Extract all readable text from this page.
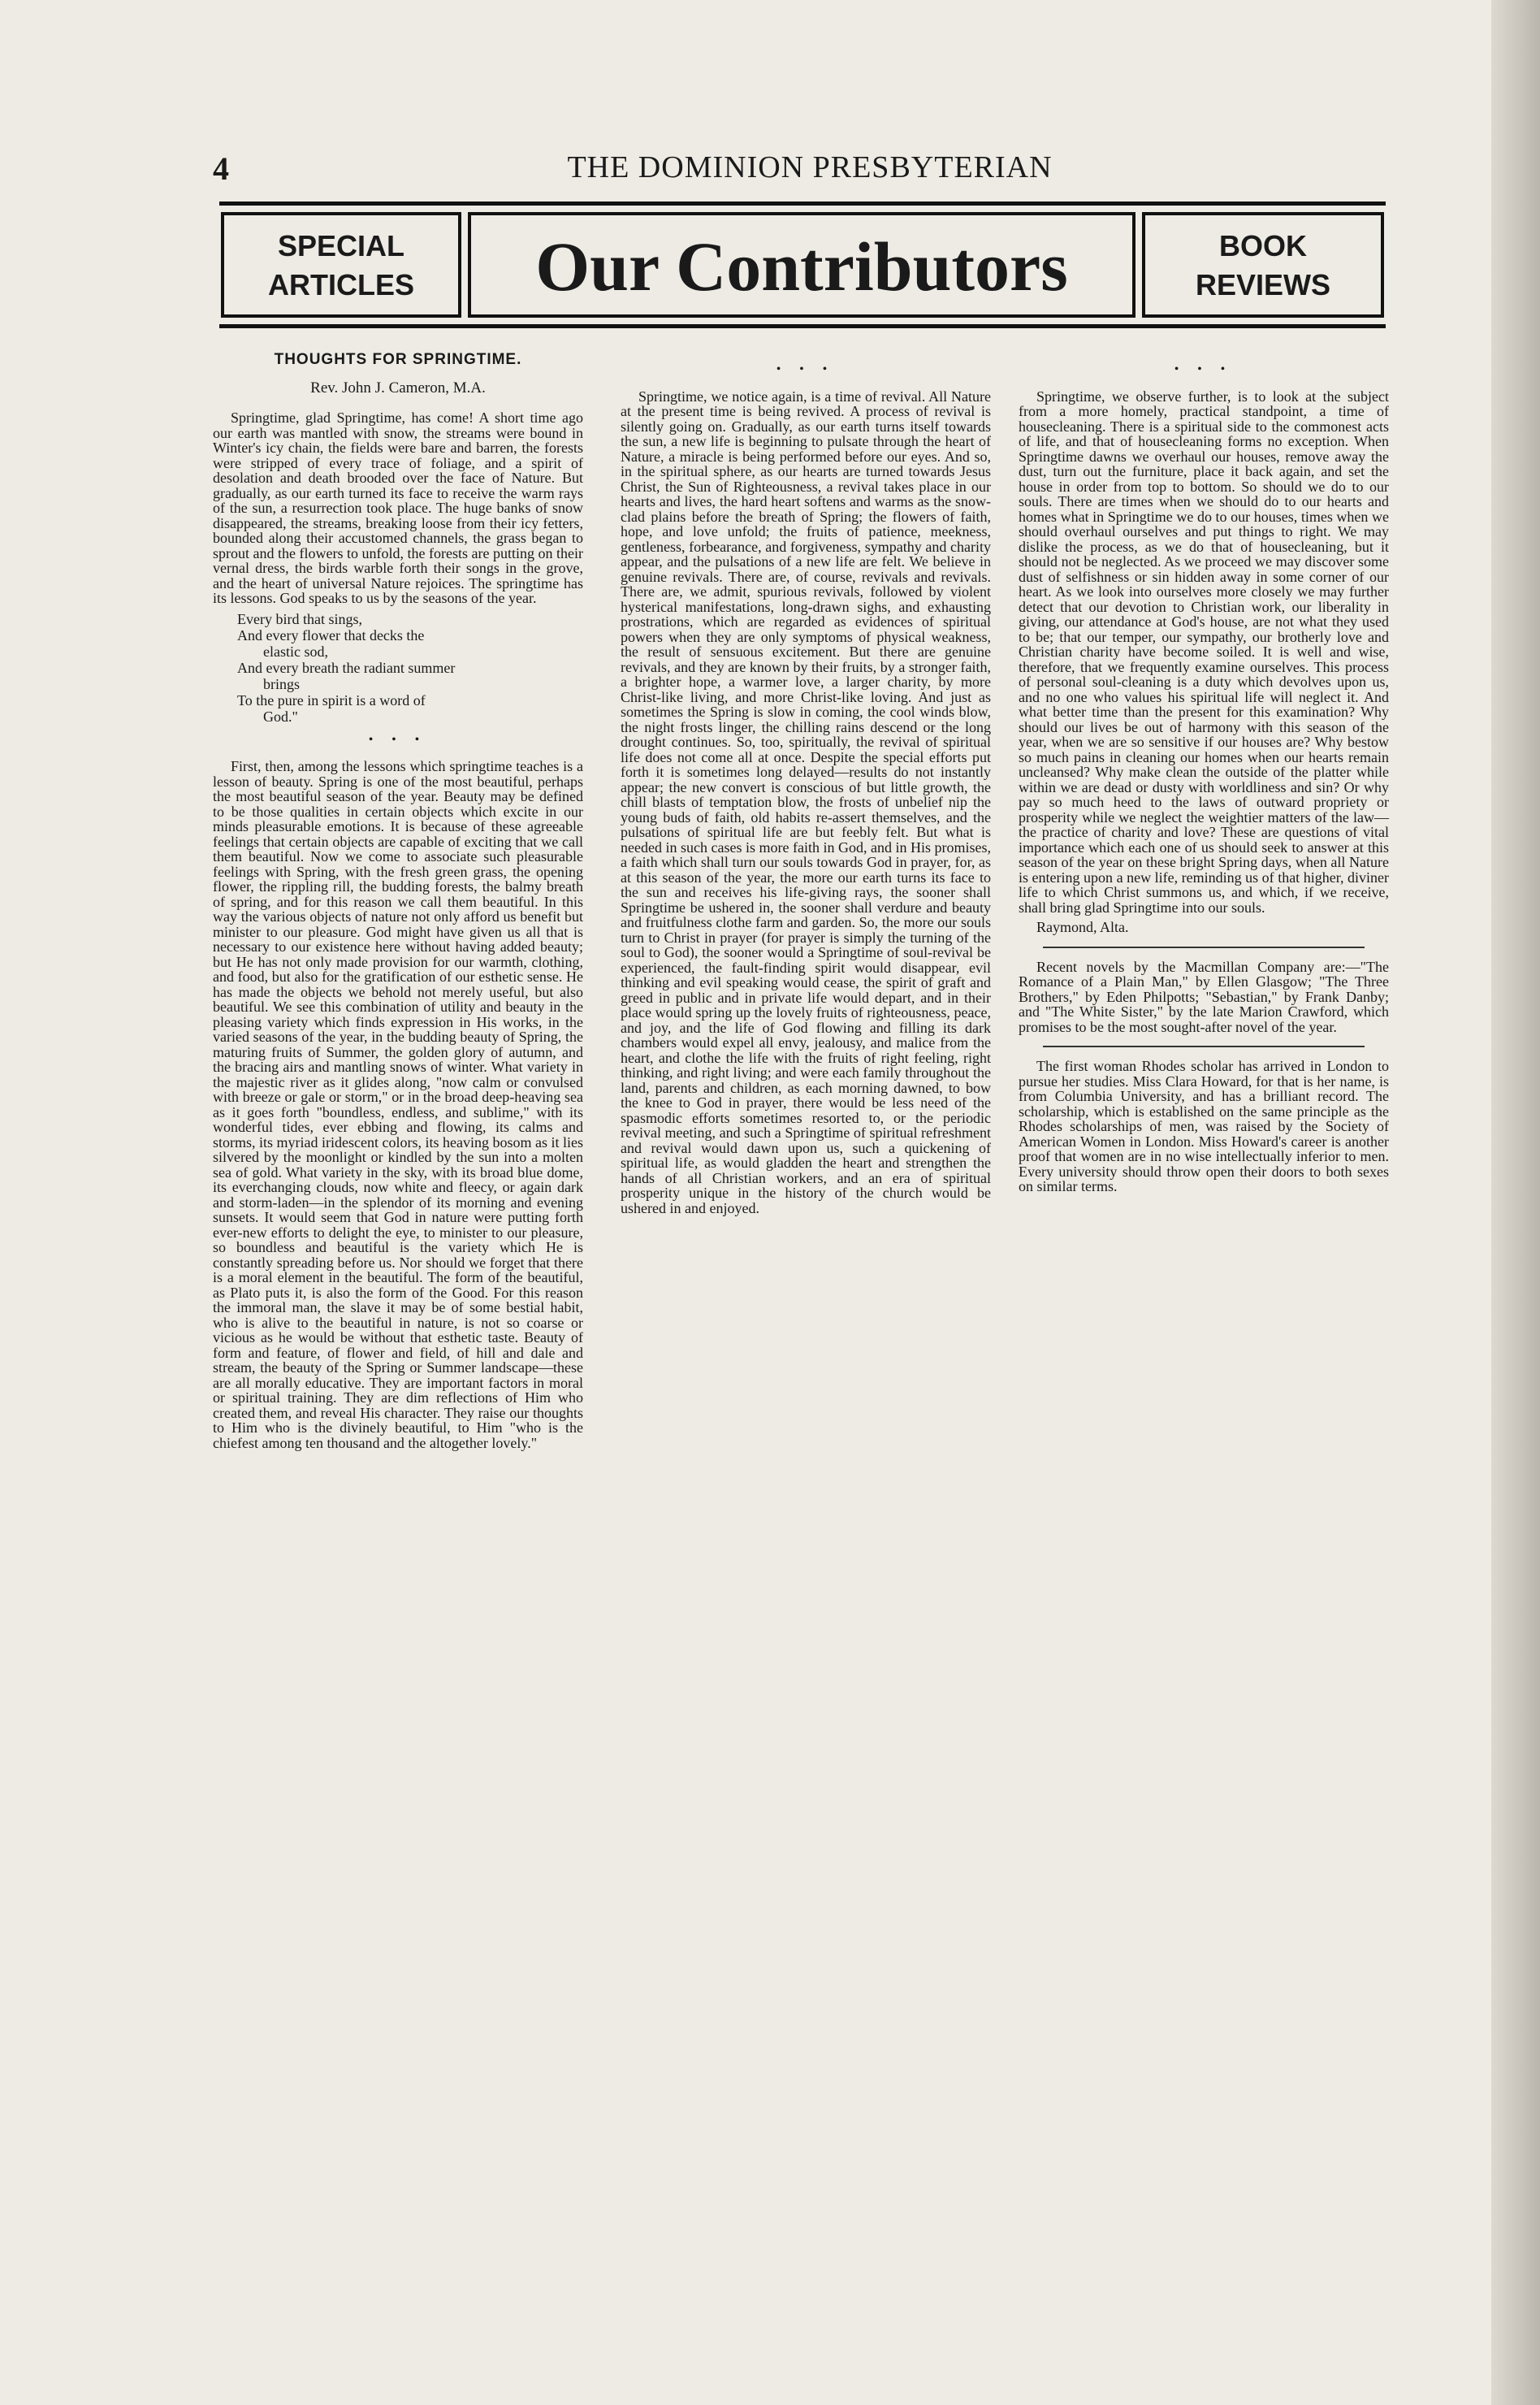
4	THE DOMINION PRESBYTERIAN
SPECIAL
ARTICLES	Our Contributors	BOOK
REVIEWS
THOUGHTS FOR SPRINGTIME.
Rev. John J. Cameron, M.A.

Springtime, glad Springtime, has come! A short time ago our earth was mantled with snow, the streams were bound in Winter's icy chain, the fields were bare and barren, the forests were stripped of every trace of foliage, and a spirit of desolation and death brooded over the face of Nature. But gradually, as our earth turned its face to receive the warm rays of the sun, a resurrection took place. The huge banks of snow disappeared, the streams, breaking loose from their icy fetters, bounded along their accustomed channels, the grass began to sprout and the flowers to unfold, the forests are putting on their vernal dress, the birds warble forth their songs in the grove, and the heart of universal Nature rejoices. The springtime has its lessons. God speaks to us by the seasons of the year.

Every bird that sings,
And every flower that decks the
elastic sod,
And every breath the radiant summer
brings
To the pure in spirit is a word of
God."
• • •

First, then, among the lessons which springtime teaches is a lesson of beauty. Spring is one of the most beautiful, perhaps the most beautiful season of the year. Beauty may be defined to be those qualities in certain objects which excite in our minds pleasurable emotions. It is because of these agreeable feelings that certain objects are capable of exciting that we call them beautiful. Now we come to associate such pleasurable feelings with Spring, with the fresh green grass, the opening flower, the rippling rill, the budding forests, the balmy breath of spring, and for this reason we call them beautiful. In this way the various objects of nature not only afford us benefit but minister to our pleasure. God might have given us all that is necessary to our existence here without having added beauty; but He has not only made provision for our warmth, clothing, and food, but also for the gratification of our esthetic sense. He has made the objects we behold not merely useful, but also beautiful. We see this combination of utility and beauty in the pleasing variety which finds expression in His works, in the varied seasons of the year, in the budding beauty of Spring, the maturing fruits of Summer, the golden glory of autumn, and the bracing airs and mantling snows of winter. What variety in the majestic river as it glides along, "now calm or convulsed with breeze or gale or storm," or in the broad deep-heaving sea as it goes forth "boundless, endless, and sublime," with its wonderful tides, ever ebbing and flowing, its calms and storms, its myriad iridescent colors, its heaving bosom as it lies silvered by the moonlight or kindled by the sun into a molten sea of gold. What variety in the sky, with its broad blue dome, its everchanging clouds, now white and fleecy, or again dark and storm-laden—in the splendor of its morning and evening sunsets. It would seem that God in nature were putting forth ever-new efforts to delight the eye, to minister to our pleasure, so boundless and beautiful is the variety which He is constantly spreading before us. Nor should we forget that there is a moral element in the beautiful. The form of the beautiful, as Plato puts it, is also the form of the Good. For this reason the immoral man, the slave it may be of some bestial habit, who is alive to the beautiful in nature, is not so coarse or vicious as he would be without that esthetic taste. Beauty of form and feature, of flower and field, of hill and dale and stream, the beauty of the Spring or Summer landscape—these are all morally educative. They are important factors in moral or spiritual training. They are dim reflections of Him who created them, and reveal His character. They raise our thoughts to Him who is the divinely beautiful, to Him "who is the chiefest among ten thousand and the altogether lovely."

• • •

Springtime, we notice again, is a time of revival. All Nature at the present time is being revived. A process of revival is silently going on. Gradually, as our earth turns itself towards the sun, a new life is beginning to pulsate through the heart of Nature, a miracle is being performed before our eyes. And so, in the spiritual sphere, as our hearts are turned towards Jesus Christ, the Sun of Righteousness, a revival takes place in our hearts and lives, the hard heart softens and warms as the snow-clad plains before the breath of Spring; the flowers of faith, hope, and love unfold; the fruits of patience, meekness, gentleness, forbearance, and forgiveness, sympathy and charity appear, and the pulsations of a new life are felt. We believe in genuine revivals. There are, of course, revivals and revivals. There are, we admit, spurious revivals, followed by violent hysterical manifestations, long-drawn sighs, and exhausting prostrations, which are regarded as evidences of spiritual powers when they are only symptoms of physical weakness, the result of sensuous excitement. But there are genuine revivals, and they are known by their fruits, by a stronger faith, a brighter hope, a warmer love, a larger charity, by more Christ-like living, and more Christ-like loving. And just as sometimes the Spring is slow in coming, the cool winds blow, the night frosts linger, the chilling rains descend or the long drought continues. So, too, spiritually, the revival of spiritual life does not come all at once. Despite the special efforts put forth it is sometimes long delayed—results do not instantly appear; the new convert is conscious of but little growth, the chill blasts of temptation blow, the frosts of unbelief nip the young buds of faith, old habits re-assert themselves, and the pulsations of spiritual life are but feebly felt. But what is needed in such cases is more faith in God, and in His promises, a faith which shall turn our souls towards God in prayer, for, as at this season of the year, the more our earth turns its face to the sun and receives his life-giving rays, the sooner shall Springtime be ushered in, the sooner shall verdure and beauty and fruitfulness clothe farm and garden. So, the more our souls turn to Christ in prayer (for prayer is simply the turning of the soul to God), the sooner would a Springtime of soul-revival be experienced, the fault-finding spirit would disappear, evil thinking and evil speaking would cease, the spirit of graft and greed in public and in private life would depart, and in their place would spring up the lovely fruits of righteousness, peace, and joy, and the life of God flowing and filling its dark chambers would expel all envy, jealousy, and malice from the heart, and clothe the life with the fruits of right feeling, right thinking, and right living; and were each family throughout the land, parents and children, as each morning dawned, to bow the knee to God in prayer, there would be less need of the spasmodic efforts sometimes resorted to, or the periodic revival meeting, and such a Springtime of spiritual refreshment and revival would dawn upon us, such a quickening of spiritual life, as would gladden the heart and strengthen the hands of all Christian workers, and an era of spiritual prosperity unique in the history of the church would be ushered in and enjoyed.

• • •

Springtime, we observe further, is to look at the subject from a more homely, practical standpoint, a time of housecleaning. There is a spiritual side to the commonest acts of life, and that of housecleaning forms no exception. When Springtime dawns we overhaul our houses, remove away the dust, turn out the furniture, place it back again, and set the house in order from top to bottom. So should we do to our souls. There are times when we should do to our hearts and homes what in Springtime we do to our houses, times when we should overhaul ourselves and put things to right. We may dislike the process, as we do that of housecleaning, but it should not be neglected. As we proceed we may discover some dust of selfishness or sin hidden away in some corner of our heart. As we look into ourselves more closely we may further detect that our devotion to Christian work, our liberality in giving, our attendance at God's house, are not what they used to be; that our temper, our sympathy, our brotherly love and Christian charity have become soiled. It is well and wise, therefore, that we frequently examine ourselves. This process of personal soul-cleaning is a duty which devolves upon us, and no one who values his spiritual life will neglect it. And what better time than the present for this examination? Why should our lives be out of harmony with this season of the year, when we are so sensitive if our houses are? Why bestow so much pains in cleaning our homes when our hearts remain uncleansed? Why make clean the outside of the platter while within we are dead or dusty with worldliness and sin? Or why pay so much heed to the laws of outward propriety or prosperity while we neglect the weightier matters of the law—the practice of charity and love? These are questions of vital importance which each one of us should seek to answer at this season of the year on these bright Spring days, when all Nature is entering upon a new life, reminding us of that higher, diviner life to which Christ summons us, and which, if we receive, shall bring glad Springtime into our souls.

Raymond, Alta.

Recent novels by the Macmillan Company are:—"The Romance of a Plain Man," by Ellen Glasgow; "The Three Brothers," by Eden Philpotts; "Sebastian," by Frank Danby; and "The White Sister," by the late Marion Crawford, which promises to be the most sought-after novel of the year.

The first woman Rhodes scholar has arrived in London to pursue her studies. Miss Clara Howard, for that is her name, is from Columbia University, and has a brilliant record. The scholarship, which is established on the same principle as the Rhodes scholarships of men, was raised by the Society of American Women in London. Miss Howard's career is another proof that women are in no wise intellectually inferior to men. Every university should throw open their doors to both sexes on similar terms.
